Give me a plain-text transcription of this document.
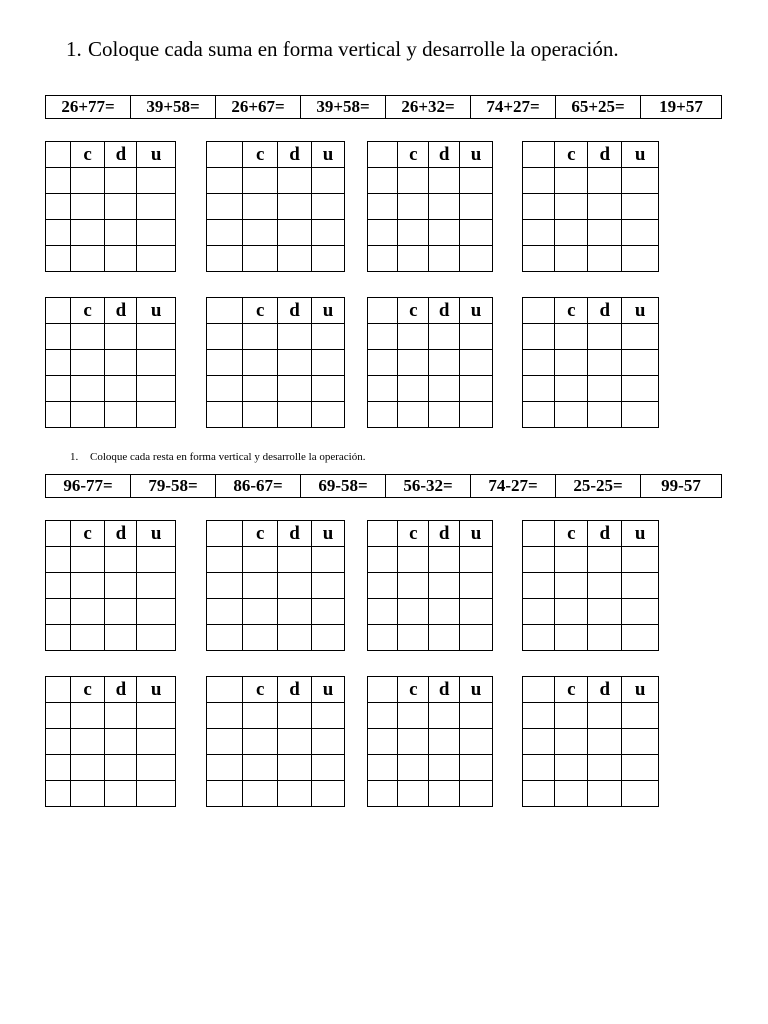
1. Coloque cada suma en forma vertical y desarrolle la operación.
26+77=	39+58=	26+67=	39+58=	26+32=	74+27=	65+25=	19+57
1. Coloque cada resta en forma vertical y desarrolle la operación.
96-77=	79-58=	86-67=	69-58=	56-32=	74-27=	25-25=	99-57
	c	d	u

		c	d	u

		c	d	u

		c	d	u

	c	d	u

		c	d	u

		c	d	u

		c	d	u

	c	d	u

		c	d	u

		c	d	u

		c	d	u

	c	d	u

		c	d	u

		c	d	u

		c	d	u
